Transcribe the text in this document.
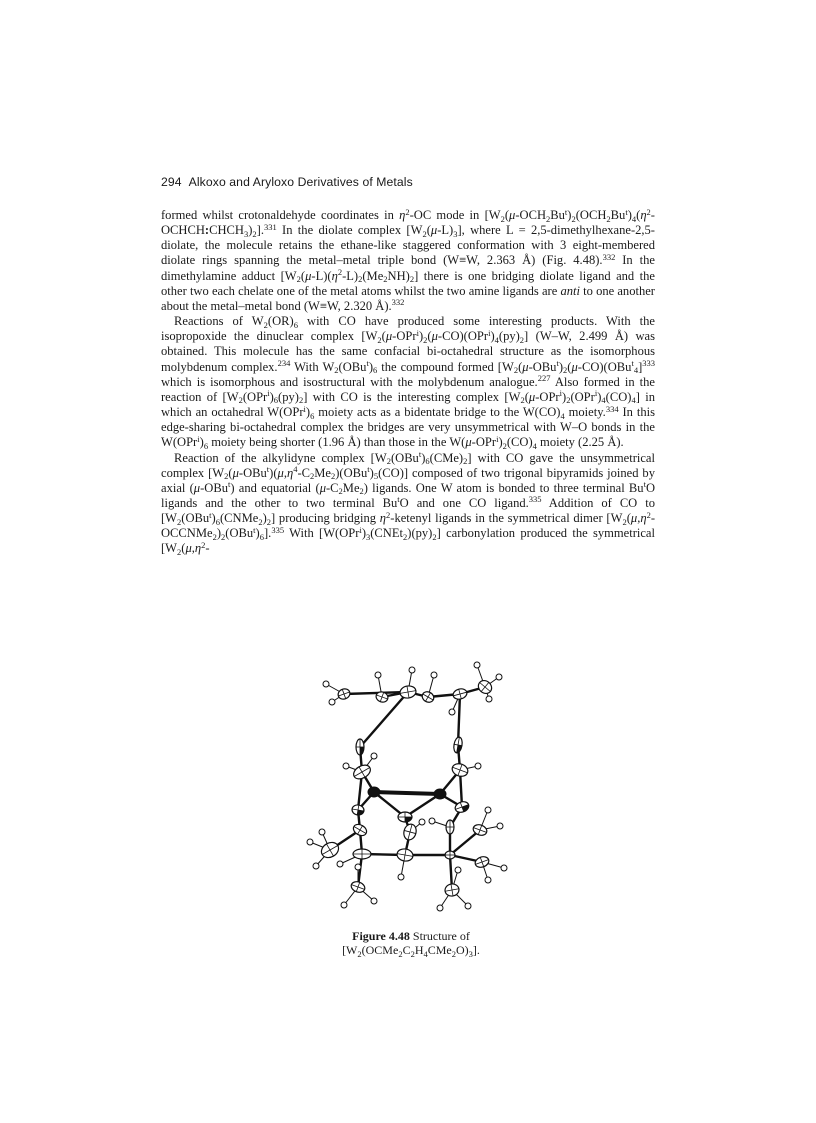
294 Alkoxo and Aryloxo Derivatives of Metals

formed whilst crotonaldehyde coordinates in $\eta^2-OC$ mode in $[W_2(\mu-OCH_2Bu^t)_2(OCH_2Bu^t)_4(\eta^2-OCHCH:CHCH_3)_2].^{331}$ In the diolate complex $[W_2(\mu-L)_3]$, where L = 2,5-dimethylhexane-2,5-diolate, the molecule retains the ethane-like staggered conformation with 3 eight-membered diolate rings spanning the metal–metal triple bond (W≡W, 2.363 Å) (Fig. 4.48).$^{332}$ In the dimethylamine adduct $[W_2(\mu-L)(\eta^2-L)_2(Me_2NH)_2]$ there is one bridging diolate ligand and the other two each chelate one of the metal atoms whilst the two amine ligands are anti to one another about the metal–metal bond (W≡W, 2.320 Å).$^{332}$

Reactions of $W_2(OR)_6$ with CO have produced some interesting products. With the isopropoxide the dinuclear complex $[W_2(\mu-OPr^i)_2(\mu-CO)(OPr^i)_4(py)_2]$ (W–W, 2.499 Å) was obtained. This molecule has the same confacial bi-octahedral structure as the isomorphous molybdenum complex.$^{234}$ With $W_2(OBu^t)_6$ the compound formed [$W_2(\mu-OBu^t)_2(\mu-CO)(OBu^t_4]^{333}$ which is isomorphous and isostructural with the molybdenum analogue.$^{227}$ Also formed in the reaction of $[W_2(OPr^i)_6(py)_2]$ with CO is the interesting complex $[W_2(\mu-OPr^i)_2(OPr^i)_4(CO)_4]$ in which an octahedral $W(OPr^i)_6$ moiety acts as a bidentate bridge to the $W(CO)_4$ moiety.$^{334}$ In this edge-sharing bi-octahedral complex the bridges are very unsymmetrical with W–O bonds in the $W(OPr^i)_6$ moiety being shorter (1.96 Å) than those in the $W(\mu-OPr^i)_2(CO)_4$ moiety (2.25 Å).

Reaction of the alkylidyne complex $[W_2(OBu^t)_6(CMe)_2]$ with CO gave the unsymmetrical complex $[W_2(\mu-OBu^t)(\mu,\eta^4-C_2Me_2)(OBu^t)_5(CO)]$ composed of two trigonal bipyramids joined by axial (μ-OBu$^t$) and equatorial $(\mu-C_2Me_2)$ ligands. One W atom is bonded to three terminal Bu$^t$O ligands and the other to two terminal Bu$^t$O and one CO ligand.$^{335}$ Addition of CO to $[W_2(OBu^t)_6(CNMe_2)_2]$ producing bridging $\eta^2$-ketenyl ligands in the symmetrical dimer $[W_2(\mu,\eta^2-OCCNMe_2)_2(OBu^t)_6].^{335}$ With $[W(OPr^i)_3(CNEt_2)(py)_2]$ carbonylation produced the symmetrical [$W_2(\mu,\eta^2-$

Figure 4.48 Structure of
$[W_2(OCMe_2C_2H_4CMe_2O)_3]$.
